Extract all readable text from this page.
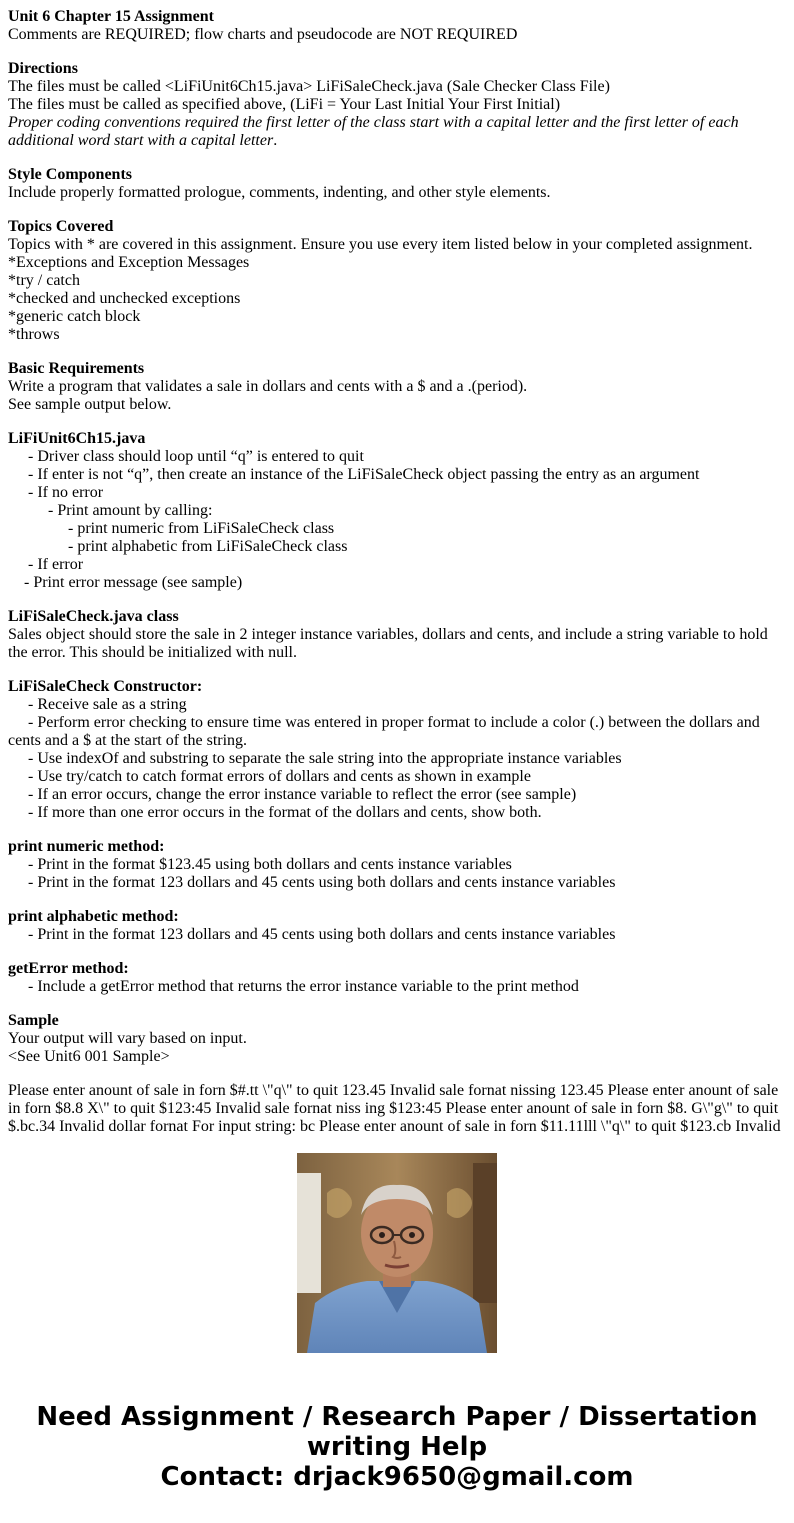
Unit 6 Chapter 15 Assignment
Comments are REQUIRED; flow charts and pseudocode are NOT REQUIRED
Directions
The files must be called <LiFiUnit6Ch15.java> LiFiSaleCheck.java (Sale Checker Class File)
The files must be called as specified above, (LiFi = Your Last Initial Your First Initial)
Proper coding conventions required the first letter of the class start with a capital letter and the first letter of each additional word start with a capital letter.
Style Components
Include properly formatted prologue, comments, indenting, and other style elements.
Topics Covered
Topics with * are covered in this assignment. Ensure you use every item listed below in your completed assignment.
*Exceptions and Exception Messages
*try / catch
*checked and unchecked exceptions
*generic catch block
*throws
Basic Requirements
Write a program that validates a sale in dollars and cents with a $ and a .(period).
See sample output below.
LiFiUnit6Ch15.java
- Driver class should loop until “q” is entered to quit
- If enter is not “q”, then create an instance of the LiFiSaleCheck object passing the entry as an argument
- If no error
- Print amount by calling:
- print numeric from LiFiSaleCheck class
- print alphabetic from LiFiSaleCheck class
- If error
- Print error message (see sample)
LiFiSaleCheck.java class
Sales object should store the sale in 2 integer instance variables, dollars and cents, and include a string variable to hold the error. This should be initialized with null.
LiFiSaleCheck Constructor:
- Receive sale as a string
- Perform error checking to ensure time was entered in proper format to include a color (.) between the dollars and cents and a $ at the start of the string.
- Use indexOf and substring to separate the sale string into the appropriate instance variables
- Use try/catch to catch format errors of dollars and cents as shown in example
- If an error occurs, change the error instance variable to reflect the error (see sample)
- If more than one error occurs in the format of the dollars and cents, show both.
print numeric method:
- Print in the format $123.45 using both dollars and cents instance variables
- Print in the format 123 dollars and 45 cents using both dollars and cents instance variables
print alphabetic method:
- Print in the format 123 dollars and 45 cents using both dollars and cents instance variables
getError method:
- Include a getError method that returns the error instance variable to the print method
Sample
Your output will vary based on input.
<See Unit6 001 Sample>
Please enter anount of sale in forn $#.tt \"q\" to quit 123.45 Invalid sale fornat nissing 123.45 Please enter anount of sale in forn $8.8 X\" to quit $123:45 Invalid sale fornat niss ing $123:45 Please enter anount of sale in forn $8. G\"g\" to quit $.bc.34 Invalid dollar fornat For input string: bc Please enter anount of sale in forn $11.11lll \"q\" to quit $123.cb Invalid
Need Assignment / Research Paper / Dissertation
writing Help
Contact: drjack9650@gmail.com
